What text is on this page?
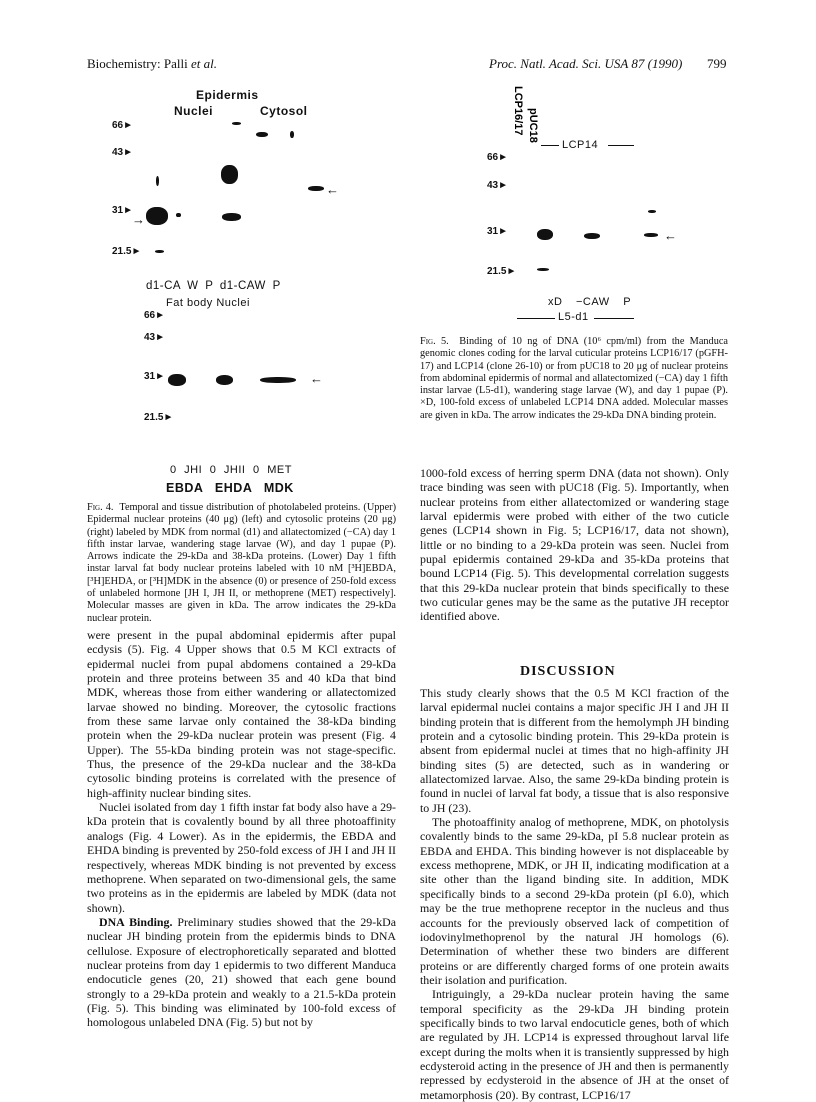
Biochemistry: Palli et al.	Proc. Natl. Acad. Sci. USA 87 (1990) 799
Epidermis
Nuclei	Cytosol
66►
43►
31►
21.5►
→
←
d1-CA W P d1-CAW P
Fat body Nuclei
66►
43►
31►
21.5►
←
0 JHI 0 JHII 0 MET
EBDA EHDA MDK

Fig. 4. Temporal and tissue distribution of photolabeled proteins. (Upper) Epidermal nuclear proteins (40 μg) (left) and cytosolic proteins (20 μg) (right) labeled by MDK from normal (d1) and allatectomized (−CA) day 1 fifth instar larvae, wandering stage larvae (W), and day 1 pupae (P). Arrows indicate the 29-kDa and 38-kDa proteins. (Lower) Day 1 fifth instar larval fat body nuclear proteins labeled with 10 nM [³H]EBDA, [³H]EHDA, or [³H]MDK in the absence (0) or presence of 250-fold excess of unlabeled hormone [JH I, JH II, or methoprene (MET) respectively]. Molecular masses are given in kDa. The arrow indicates the 29-kDa nuclear protein.

LCP16/17 pUC18
LCP14
66►
43►
31►
21.5►
←
xD −CAW P
L5-d1

Fig. 5. Binding of 10 ng of DNA (10⁶ cpm/ml) from the Manduca genomic clones coding for the larval cuticular proteins LCP16/17 (pGFH-17) and LCP14 (clone 26-10) or from pUC18 to 20 μg of nuclear proteins from abdominal epidermis of normal and allatectomized (−CA) day 1 fifth instar larvae (L5-d1), wandering stage larvae (W), and day 1 pupae (P). ×D, 100-fold excess of unlabeled LCP14 DNA added. Molecular masses are given in kDa. The arrow indicates the 29-kDa DNA binding protein.

were present in the pupal abdominal epidermis after pupal ecdysis (5). Fig. 4 Upper shows that 0.5 M KCl extracts of epidermal nuclei from pupal abdomens contained a 29-kDa protein and three proteins between 35 and 40 kDa that bind MDK, whereas those from either wandering or allatectomized larvae showed no binding. Moreover, the cytosolic fractions from these same larvae only contained the 38-kDa binding protein when the 29-kDa nuclear protein was present (Fig. 4 Upper). The 55-kDa binding protein was not stage-specific. Thus, the presence of the 29-kDa nuclear and the 38-kDa cytosolic binding proteins is correlated with the presence of high-affinity nuclear binding sites.

Nuclei isolated from day 1 fifth instar fat body also have a 29-kDa protein that is covalently bound by all three photoaffinity analogs (Fig. 4 Lower). As in the epidermis, the EBDA and EHDA binding is prevented by 250-fold excess of JH I and JH II respectively, whereas MDK binding is not prevented by excess methoprene. When separated on two-dimensional gels, the same two proteins as in the epidermis are labeled by MDK (data not shown).

DNA Binding. Preliminary studies showed that the 29-kDa nuclear JH binding protein from the epidermis binds to DNA cellulose. Exposure of electrophoretically separated and blotted nuclear proteins from day 1 epidermis to two different Manduca endocuticle genes (20, 21) showed that each gene bound strongly to a 29-kDa protein and weakly to a 21.5-kDa protein (Fig. 5). This binding was eliminated by 100-fold excess of homologous unlabeled DNA (Fig. 5) but not by

1000-fold excess of herring sperm DNA (data not shown). Only trace binding was seen with pUC18 (Fig. 5). Importantly, when nuclear proteins from either allatectomized or wandering stage larval epidermis were probed with either of the two cuticle genes (LCP14 shown in Fig. 5; LCP16/17, data not shown), little or no binding to a 29-kDa protein was seen. Nuclei from pupal epidermis contained 29-kDa and 35-kDa proteins that bound LCP14 (Fig. 5). This developmental correlation suggests that this 29-kDa nuclear protein that binds specifically to these two cuticular genes may be the same as the putative JH receptor identified above.

DISCUSSION

This study clearly shows that the 0.5 M KCl fraction of the larval epidermal nuclei contains a major specific JH I and JH II binding protein that is different from the hemolymph JH binding protein and a cytosolic binding protein. This 29-kDa protein is absent from epidermal nuclei at times that no high-affinity JH binding sites (5) are detected, such as in wandering or allatectomized larvae. Also, the same 29-kDa binding protein is found in nuclei of larval fat body, a tissue that is also responsive to JH (23).

The photoaffinity analog of methoprene, MDK, on photolysis covalently binds to the same 29-kDa, pI 5.8 nuclear protein as EBDA and EHDA. This binding however is not displaceable by excess methoprene, MDK, or JH II, indicating modification at a site other than the ligand binding site. In addition, MDK specifically binds to a second 29-kDa protein (pI 6.0), which may be the true methoprene receptor in the nucleus and thus accounts for the previously observed lack of competition of iodovinylmethoprenol by the natural JH homologs (6). Determination of whether these two binders are different proteins or are differently charged forms of one protein awaits their isolation and purification.

Intriguingly, a 29-kDa nuclear protein having the same temporal specificity as the 29-kDa JH binding protein specifically binds to two larval endocuticle genes, both of which are regulated by JH. LCP14 is expressed throughout larval life except during the molts when it is transiently suppressed by high ecdysteroid acting in the presence of JH and then is permanently repressed by ecdysteroid in the absence of JH at the onset of metamorphosis (20). By contrast, LCP16/17
